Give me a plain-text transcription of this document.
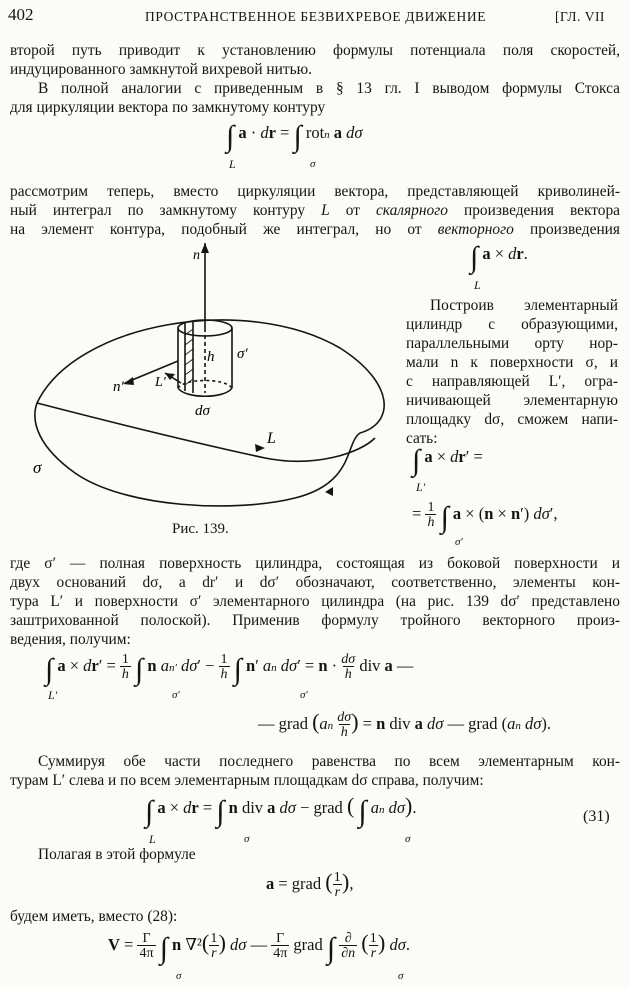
402	ПРОСТРАНСТВЕННОЕ БЕЗВИХРЕВОЕ ДВИЖЕНИЕ	[ГЛ. VII
второй путь приводит к установлению формулы потенциала поля скоростей,
индуцированного замкнутой вихревой нитью.
В полной аналогии с приведенным в § 13 гл. I выводом формулы Стокса
для циркуляции вектора по замкнутому контуру
∫ a · dr = ∫ rotn a dσ
L	σ
рассмотрим теперь, вместо циркуляции вектора, представляющей криволиней-
ный интеграл по замкнутому контуру L от скалярного произведения вектора
на элемент контура, подобный же интеграл, но от векторного произведения
∫ a × dr.
L
Построив элементарный
цилиндр с образующими,
параллельными орту нор-
мали n к поверхности σ, и
с направляющей L′, огра-
ничивающей элементарную
площадку dσ, сможем напи-
сать:
∫ a × dr′ =
L′
= 1
h ∫ a × (n × n′) dσ′,
σ′
n
h σ′
n′ L′
dσ
L
σ
Рис. 139.
где σ′ — полная поверхность цилиндра, состоящая из боковой поверхности и
двух оснований dσ, а dr′ и dσ′ обозначают, соответственно, элементы кон-
тура L′ и поверхности σ′ элементарного цилиндра (на рис. 139 dσ′ представлено
заштрихованной полоской). Применив формулу тройного векторного произ-
ведения, получим:
∫ a × dr′ = 1
h ∫ n an′ dσ′ − 1
h ∫ n′ an $d\sigma' = n \cdot \frac{d\sigma}{h}$ div a —
L′	σ′	σ′
— grad $(an \frac{d\sigma}{h}) = n$ div a dσ — grad (an dσ).
Суммируя обе части последнего равенства по всем элементарным кон-
турам L′ слева и по всем элементарным площадкам dσ справа, получим:
∫ a × dr = ∫ n div a dσ − grad ( ∫ an dσ).
L	σ	σ
(31)
Полагая в этой формуле
a = grad (1
r),
будем иметь, вместо (28):
V = Γ
4π ∫ n ∇²(1
r) dσ — Γ
4π grad ∫ ∂
∂n (1
r) dσ.
σ	σ
